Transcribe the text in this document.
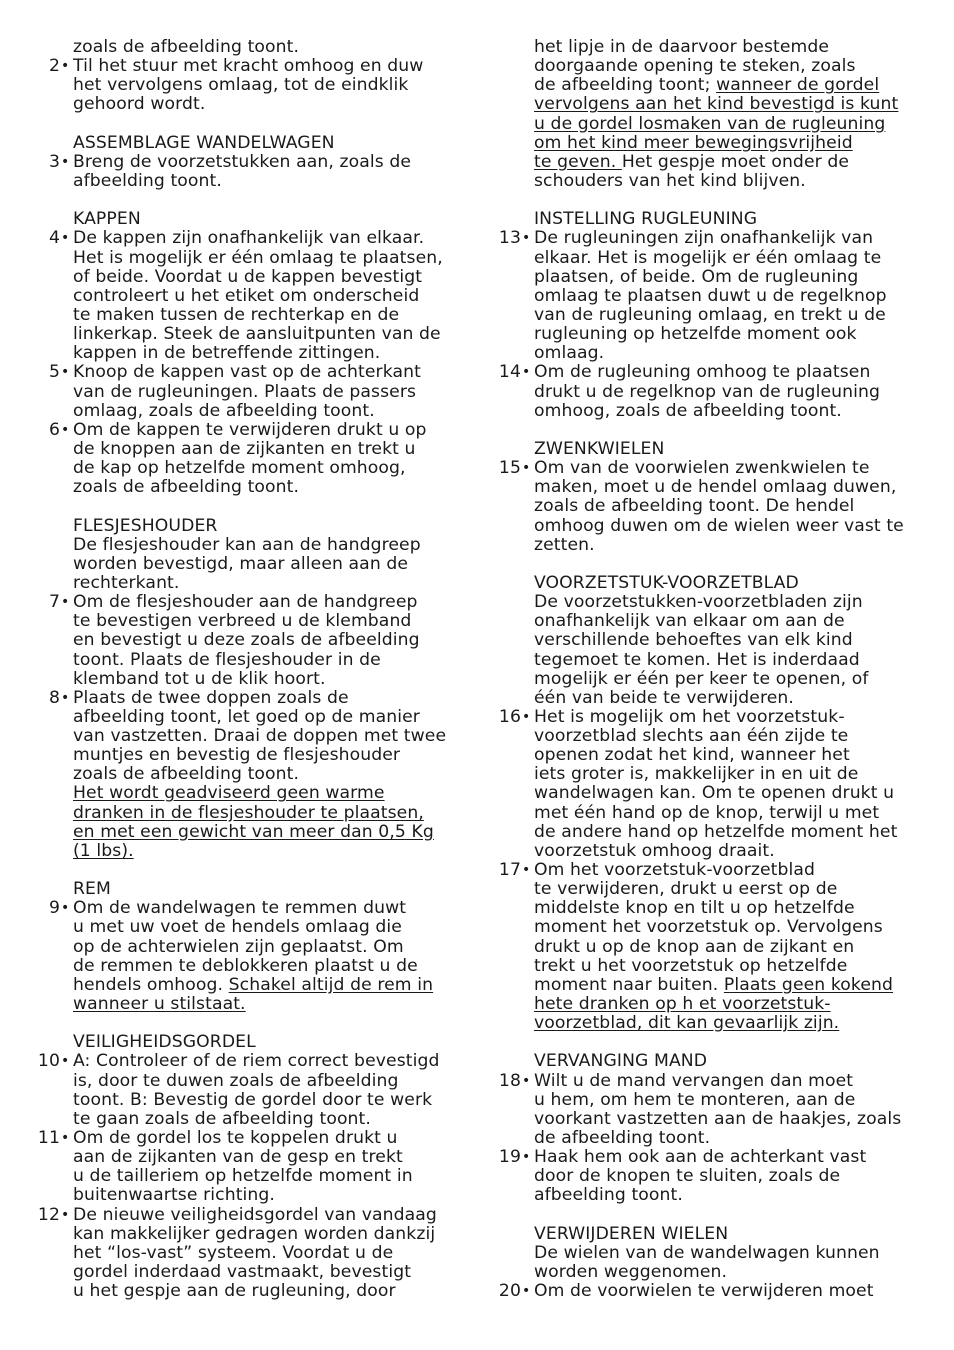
zoals de afbeelding toont.
2 • Til het stuur met kracht omhoog en duw
het vervolgens omlaag, tot de eindklik
gehoord wordt.
ASSEMBLAGE WANDELWAGEN
3 • Breng de voorzetstukken aan, zoals de
afbeelding toont.
KAPPEN
4 • De kappen zijn onafhankelijk van elkaar.
Het is mogelijk er één omlaag te plaatsen,
of beide. Voordat u de kappen bevestigt
controleert u het etiket om onderscheid
te maken tussen de rechterkap en de
linkerkap. Steek de aansluitpunten van de
kappen in de betreffende zittingen.
5 • Knoop de kappen vast op de achterkant
van de rugleuningen. Plaats de passers
omlaag, zoals de afbeelding toont.
6 • Om de kappen te verwijderen drukt u op
de knoppen aan de zijkanten en trekt u
de kap op hetzelfde moment omhoog,
zoals de afbeelding toont.
FLESJESHOUDER
De flesjeshouder kan aan de handgreep
worden bevestigd, maar alleen aan de
rechterkant.
7 • Om de flesjeshouder aan de handgreep
te bevestigen verbreed u de klemband
en bevestigt u deze zoals de afbeelding
toont. Plaats de flesjeshouder in de
klemband tot u de klik hoort.
8 • Plaats de twee doppen zoals de
afbeelding toont, let goed op de manier
van vastzetten. Draai de doppen met twee
muntjes en bevestig de flesjeshouder
zoals de afbeelding toont.
Het wordt geadviseerd geen warme
dranken in de flesjeshouder te plaatsen,
en met een gewicht van meer dan 0,5 Kg
(1 lbs).
REM
9 • Om de wandelwagen te remmen duwt
u met uw voet de hendels omlaag die
op de achterwielen zijn geplaatst. Om
de remmen te deblokkeren plaatst u de
hendels omhoog. Schakel altijd de rem in
wanneer u stilstaat.
VEILIGHEIDSGORDEL
10 • A: Controleer of de riem correct bevestigd
is, door te duwen zoals de afbeelding
toont. B: Bevestig de gordel door te werk
te gaan zoals de afbeelding toont.
11 • Om de gordel los te koppelen drukt u
aan de zijkanten van de gesp en trekt
u de tailleriem op hetzelfde moment in
buitenwaartse richting.
12 • De nieuwe veiligheidsgordel van vandaag
kan makkelijker gedragen worden dankzij
het “los-vast” systeem. Voordat u de
gordel inderdaad vastmaakt, bevestigt
u het gespje aan de rugleuning, door
het lipje in de daarvoor bestemde
doorgaande opening te steken, zoals
de afbeelding toont; wanneer de gordel
vervolgens aan het kind bevestigd is kunt
u de gordel losmaken van de rugleuning
om het kind meer bewegingsvrijheid
te geven. Het gespje moet onder de
schouders van het kind blijven.
INSTELLING RUGLEUNING
13 • De rugleuningen zijn onafhankelijk van
elkaar. Het is mogelijk er één omlaag te
plaatsen, of beide. Om de rugleuning
omlaag te plaatsen duwt u de regelknop
van de rugleuning omlaag, en trekt u de
rugleuning op hetzelfde moment ook
omlaag.
14 • Om de rugleuning omhoog te plaatsen
drukt u de regelknop van de rugleuning
omhoog, zoals de afbeelding toont.
ZWENKWIELEN
15 • Om van de voorwielen zwenkwielen te
maken, moet u de hendel omlaag duwen,
zoals de afbeelding toont. De hendel
omhoog duwen om de wielen weer vast te
zetten.
VOORZETSTUK-VOORZETBLAD
De voorzetstukken-voorzetbladen zijn
onafhankelijk van elkaar om aan de
verschillende behoeftes van elk kind
tegemoet te komen. Het is inderdaad
mogelijk er één per keer te openen, of
één van beide te verwijderen.
16 • Het is mogelijk om het voorzetstuk-
voorzetblad slechts aan één zijde te
openen zodat het kind, wanneer het
iets groter is, makkelijker in en uit de
wandelwagen kan. Om te openen drukt u
met één hand op de knop, terwijl u met
de andere hand op hetzelfde moment het
voorzetstuk omhoog draait.
17 • Om het voorzetstuk-voorzetblad
te verwijderen, drukt u eerst op de
middelste knop en tilt u op hetzelfde
moment het voorzetstuk op. Vervolgens
drukt u op de knop aan de zijkant en
trekt u het voorzetstuk op hetzelfde
moment naar buiten. Plaats geen kokend
hete dranken op h et voorzetstuk-
voorzetblad, dit kan gevaarlijk zijn.
VERVANGING MAND
18 • Wilt u de mand vervangen dan moet
u hem, om hem te monteren, aan de
voorkant vastzetten aan de haakjes, zoals
de afbeelding toont.
19 • Haak hem ook aan de achterkant vast
door de knopen te sluiten, zoals de
afbeelding toont.
VERWIJDEREN WIELEN
De wielen van de wandelwagen kunnen
worden weggenomen.
20 • Om de voorwielen te verwijderen moet
